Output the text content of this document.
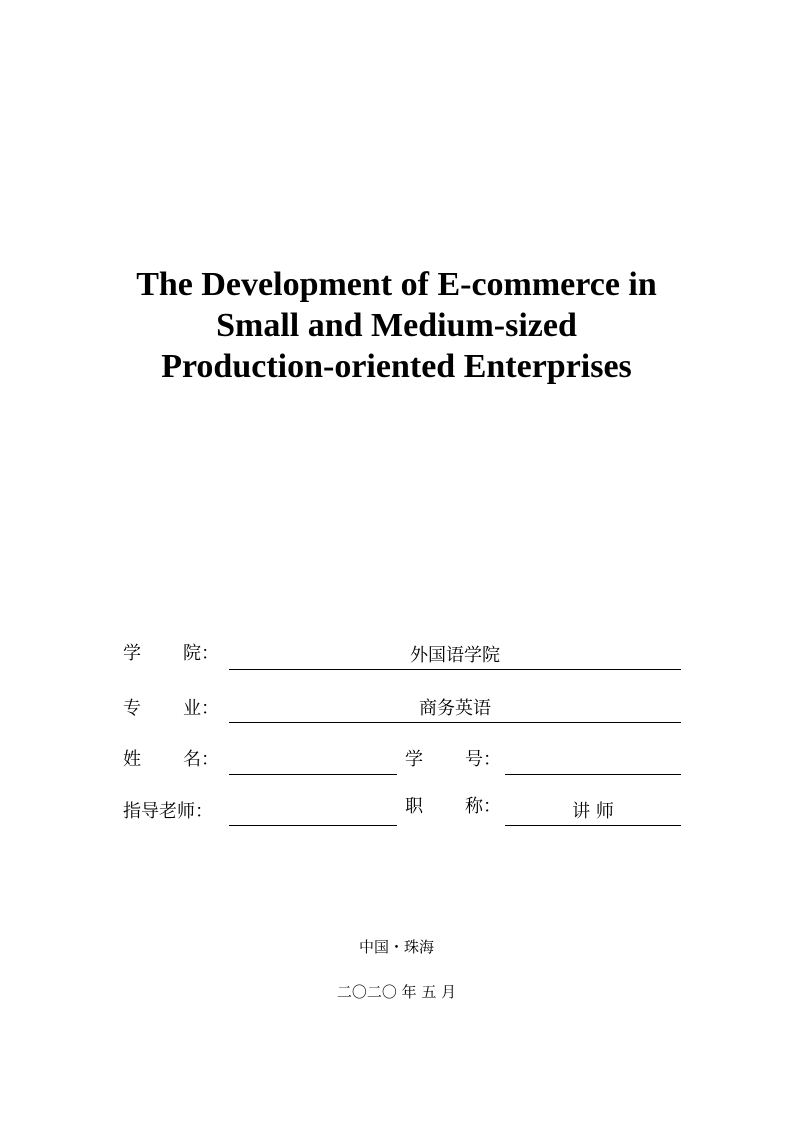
The Development of E-commerce in
Small and Medium-sized
Production-oriented Enterprises
学 院：	外国语学院
专 业：	商务英语
姓 名：	学 号：
指导老师：	职 称：	讲 师
中国・珠海
二〇二〇 年 五 月
